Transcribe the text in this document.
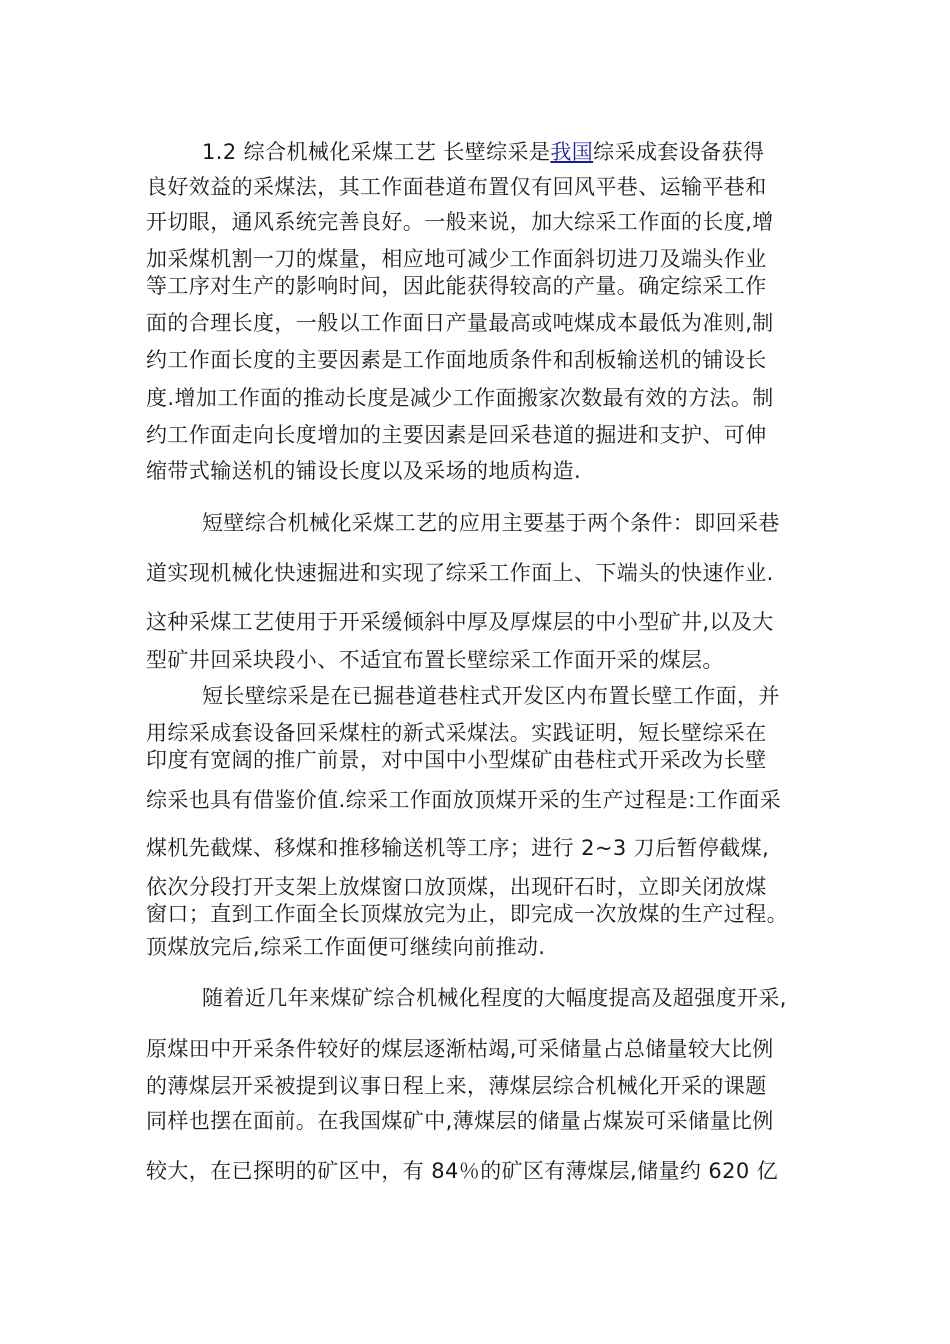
1.2 综合机械化采煤工艺 长壁综采是我国综采成套设备获得
良好效益的采煤法，其工作面巷道布置仅有回风平巷、运输平巷和
开切眼，通风系统完善良好。一般来说，加大综采工作面的长度,增
加采煤机割一刀的煤量，相应地可减少工作面斜切进刀及端头作业
等工序对生产的影响时间，因此能获得较高的产量。确定综采工作
面的合理长度，一般以工作面日产量最高或吨煤成本最低为准则,制
约工作面长度的主要因素是工作面地质条件和刮板输送机的铺设长
度.增加工作面的推动长度是减少工作面搬家次数最有效的方法。制
约工作面走向长度增加的主要因素是回采巷道的掘进和支护、可伸
缩带式输送机的铺设长度以及采场的地质构造.
短壁综合机械化采煤工艺的应用主要基于两个条件：即回采巷
道实现机械化快速掘进和实现了综采工作面上、下端头的快速作业.
这种采煤工艺使用于开采缓倾斜中厚及厚煤层的中小型矿井,以及大
型矿井回采块段小、不适宜布置长壁综采工作面开采的煤层。
短长壁综采是在已掘巷道巷柱式开发区内布置长壁工作面，并
用综采成套设备回采煤柱的新式采煤法。实践证明，短长壁综采在
印度有宽阔的推广前景，对中国中小型煤矿由巷柱式开采改为长壁
综采也具有借鉴价值.综采工作面放顶煤开采的生产过程是:工作面采
煤机先截煤、移煤和推移输送机等工序；进行 2~3 刀后暂停截煤,
依次分段打开支架上放煤窗口放顶煤，出现矸石时，立即关闭放煤
窗口；直到工作面全长顶煤放完为止，即完成一次放煤的生产过程。
顶煤放完后,综采工作面便可继续向前推动.
随着近几年来煤矿综合机械化程度的大幅度提高及超强度开采,
原煤田中开采条件较好的煤层逐渐枯竭,可采储量占总储量较大比例
的薄煤层开采被提到议事日程上来，薄煤层综合机械化开采的课题
同样也摆在面前。在我国煤矿中,薄煤层的储量占煤炭可采储量比例
较大，在已探明的矿区中，有 84％的矿区有薄煤层,储量约 620 亿
